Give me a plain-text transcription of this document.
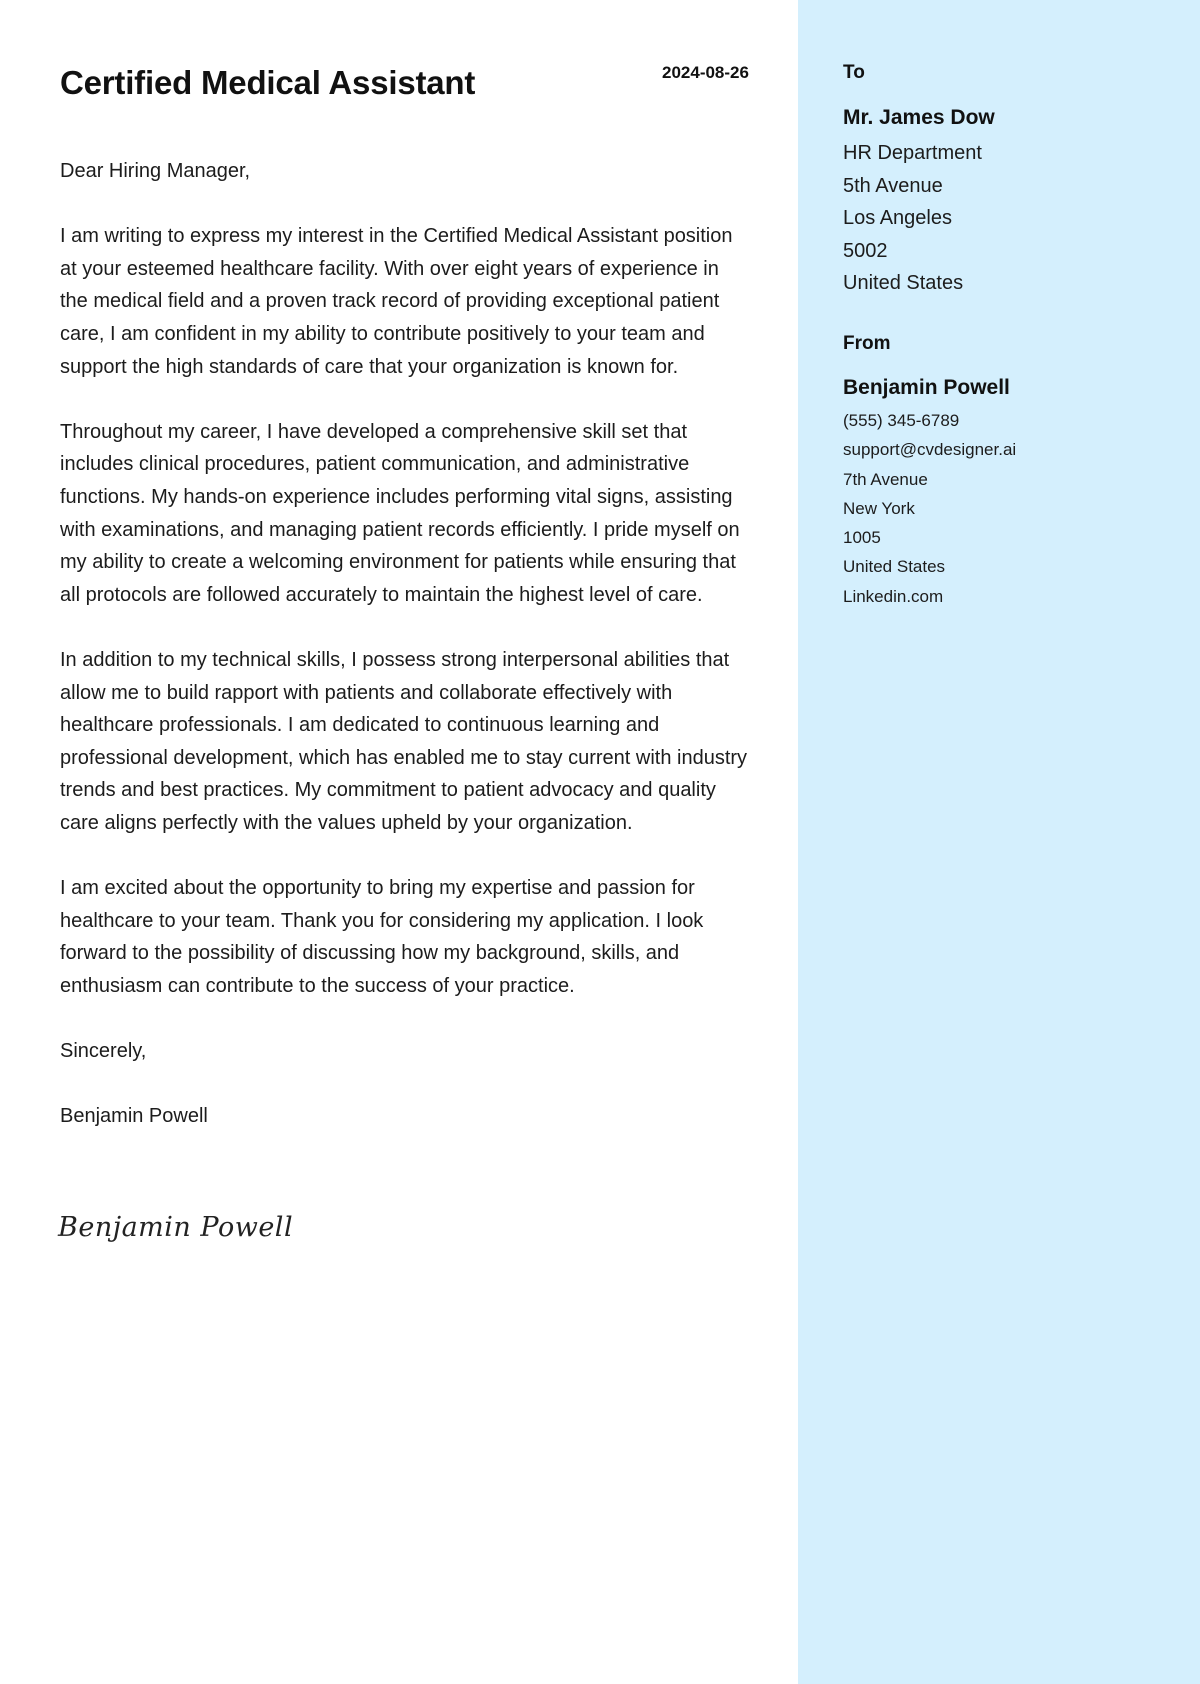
Certified Medical Assistant	2024-08-26

Dear Hiring Manager,

I am writing to express my interest in the Certified Medical Assistant position at your esteemed healthcare facility. With over eight years of experience in the medical field and a proven track record of providing exceptional patient care, I am confident in my ability to contribute positively to your team and support the high standards of care that your organization is known for.

Throughout my career, I have developed a comprehensive skill set that includes clinical procedures, patient communication, and administrative functions. My hands-on experience includes performing vital signs, assisting with examinations, and managing patient records efficiently. I pride myself on my ability to create a welcoming environment for patients while ensuring that all protocols are followed accurately to maintain the highest level of care.

In addition to my technical skills, I possess strong interpersonal abilities that allow me to build rapport with patients and collaborate effectively with healthcare professionals. I am dedicated to continuous learning and professional development, which has enabled me to stay current with industry trends and best practices. My commitment to patient advocacy and quality care aligns perfectly with the values upheld by your organization.

I am excited about the opportunity to bring my expertise and passion for healthcare to your team. Thank you for considering my application. I look forward to the possibility of discussing how my background, skills, and enthusiasm can contribute to the success of your practice.

Sincerely,

Benjamin Powell

Benjamin Powell
To
Mr. James Dow
HR Department
5th Avenue
Los Angeles
5002
United States
From
Benjamin Powell
(555) 345-6789
support@cvdesigner.ai
7th Avenue
New York
1005
United States
Linkedin.com
